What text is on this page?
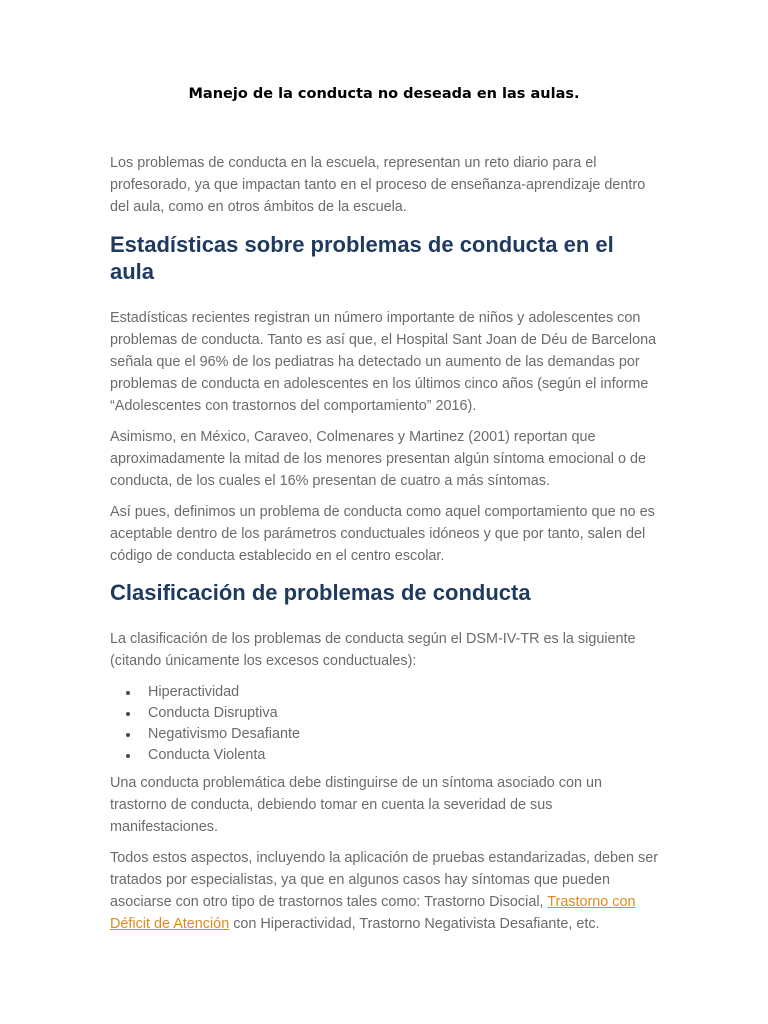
Manejo de la conducta no deseada en las aulas.

Los problemas de conducta en la escuela, representan un reto diario para el profesorado, ya que impactan tanto en el proceso de enseñanza-aprendizaje dentro del aula, como en otros ámbitos de la escuela.

Estadísticas sobre problemas de conducta en el aula

Estadísticas recientes registran un número importante de niños y adolescentes con problemas de conducta. Tanto es así que, el Hospital Sant Joan de Déu de Barcelona señala que el 96% de los pediatras ha detectado un aumento de las demandas por problemas de conducta en adolescentes en los últimos cinco años (según el informe “Adolescentes con trastornos del comportamiento” 2016).

Asimismo, en México, Caraveo, Colmenares y Martinez (2001) reportan que aproximadamente la mitad de los menores presentan algún síntoma emocional o de conducta, de los cuales el 16% presentan de cuatro a más síntomas.

Así pues, definimos un problema de conducta como aquel comportamiento que no es aceptable dentro de los parámetros conductuales idóneos y que por tanto, salen del código de conducta establecido en el centro escolar.

Clasificación de problemas de conducta

La clasificación de los problemas de conducta según el DSM-IV-TR es la siguiente (citando únicamente los excesos conductuales):

Hiperactividad
Conducta Disruptiva
Negativismo Desafiante
Conducta Violenta

Una conducta problemática debe distinguirse de un síntoma asociado con un trastorno de conducta, debiendo tomar en cuenta la severidad de sus manifestaciones.

Todos estos aspectos, incluyendo la aplicación de pruebas estandarizadas, deben ser tratados por especialistas, ya que en algunos casos hay síntomas que pueden asociarse con otro tipo de trastornos tales como: Trastorno Disocial, Trastorno con Déficit de Atención con Hiperactividad, Trastorno Negativista Desafiante, etc.
